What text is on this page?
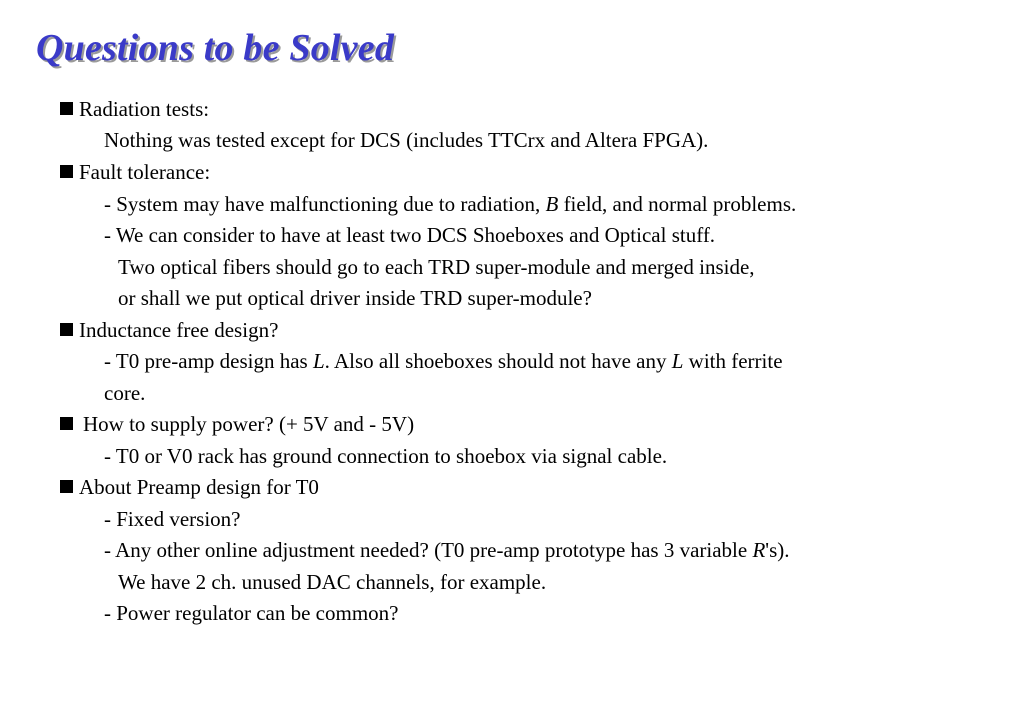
Questions to be Solved
Radiation tests:
Nothing was tested except for DCS (includes TTCrx and Altera FPGA).
Fault tolerance:
- System may have malfunctioning due to radiation, B field, and normal problems.
- We can consider to have at least two DCS Shoeboxes and Optical stuff.
Two optical fibers should go to each TRD super-module and merged inside,
or shall we put optical driver inside TRD super-module?
Inductance free design?
- T0 pre-amp design has L. Also all shoeboxes should not have any L with ferrite
core.
How to supply power? (+ 5V and - 5V)
- T0 or V0 rack has ground connection to shoebox via signal cable.
About Preamp design for T0
- Fixed version?
- Any other online adjustment needed? (T0 pre-amp prototype has 3 variable R's).
We have 2 ch. unused DAC channels, for example.
- Power regulator can be common?
